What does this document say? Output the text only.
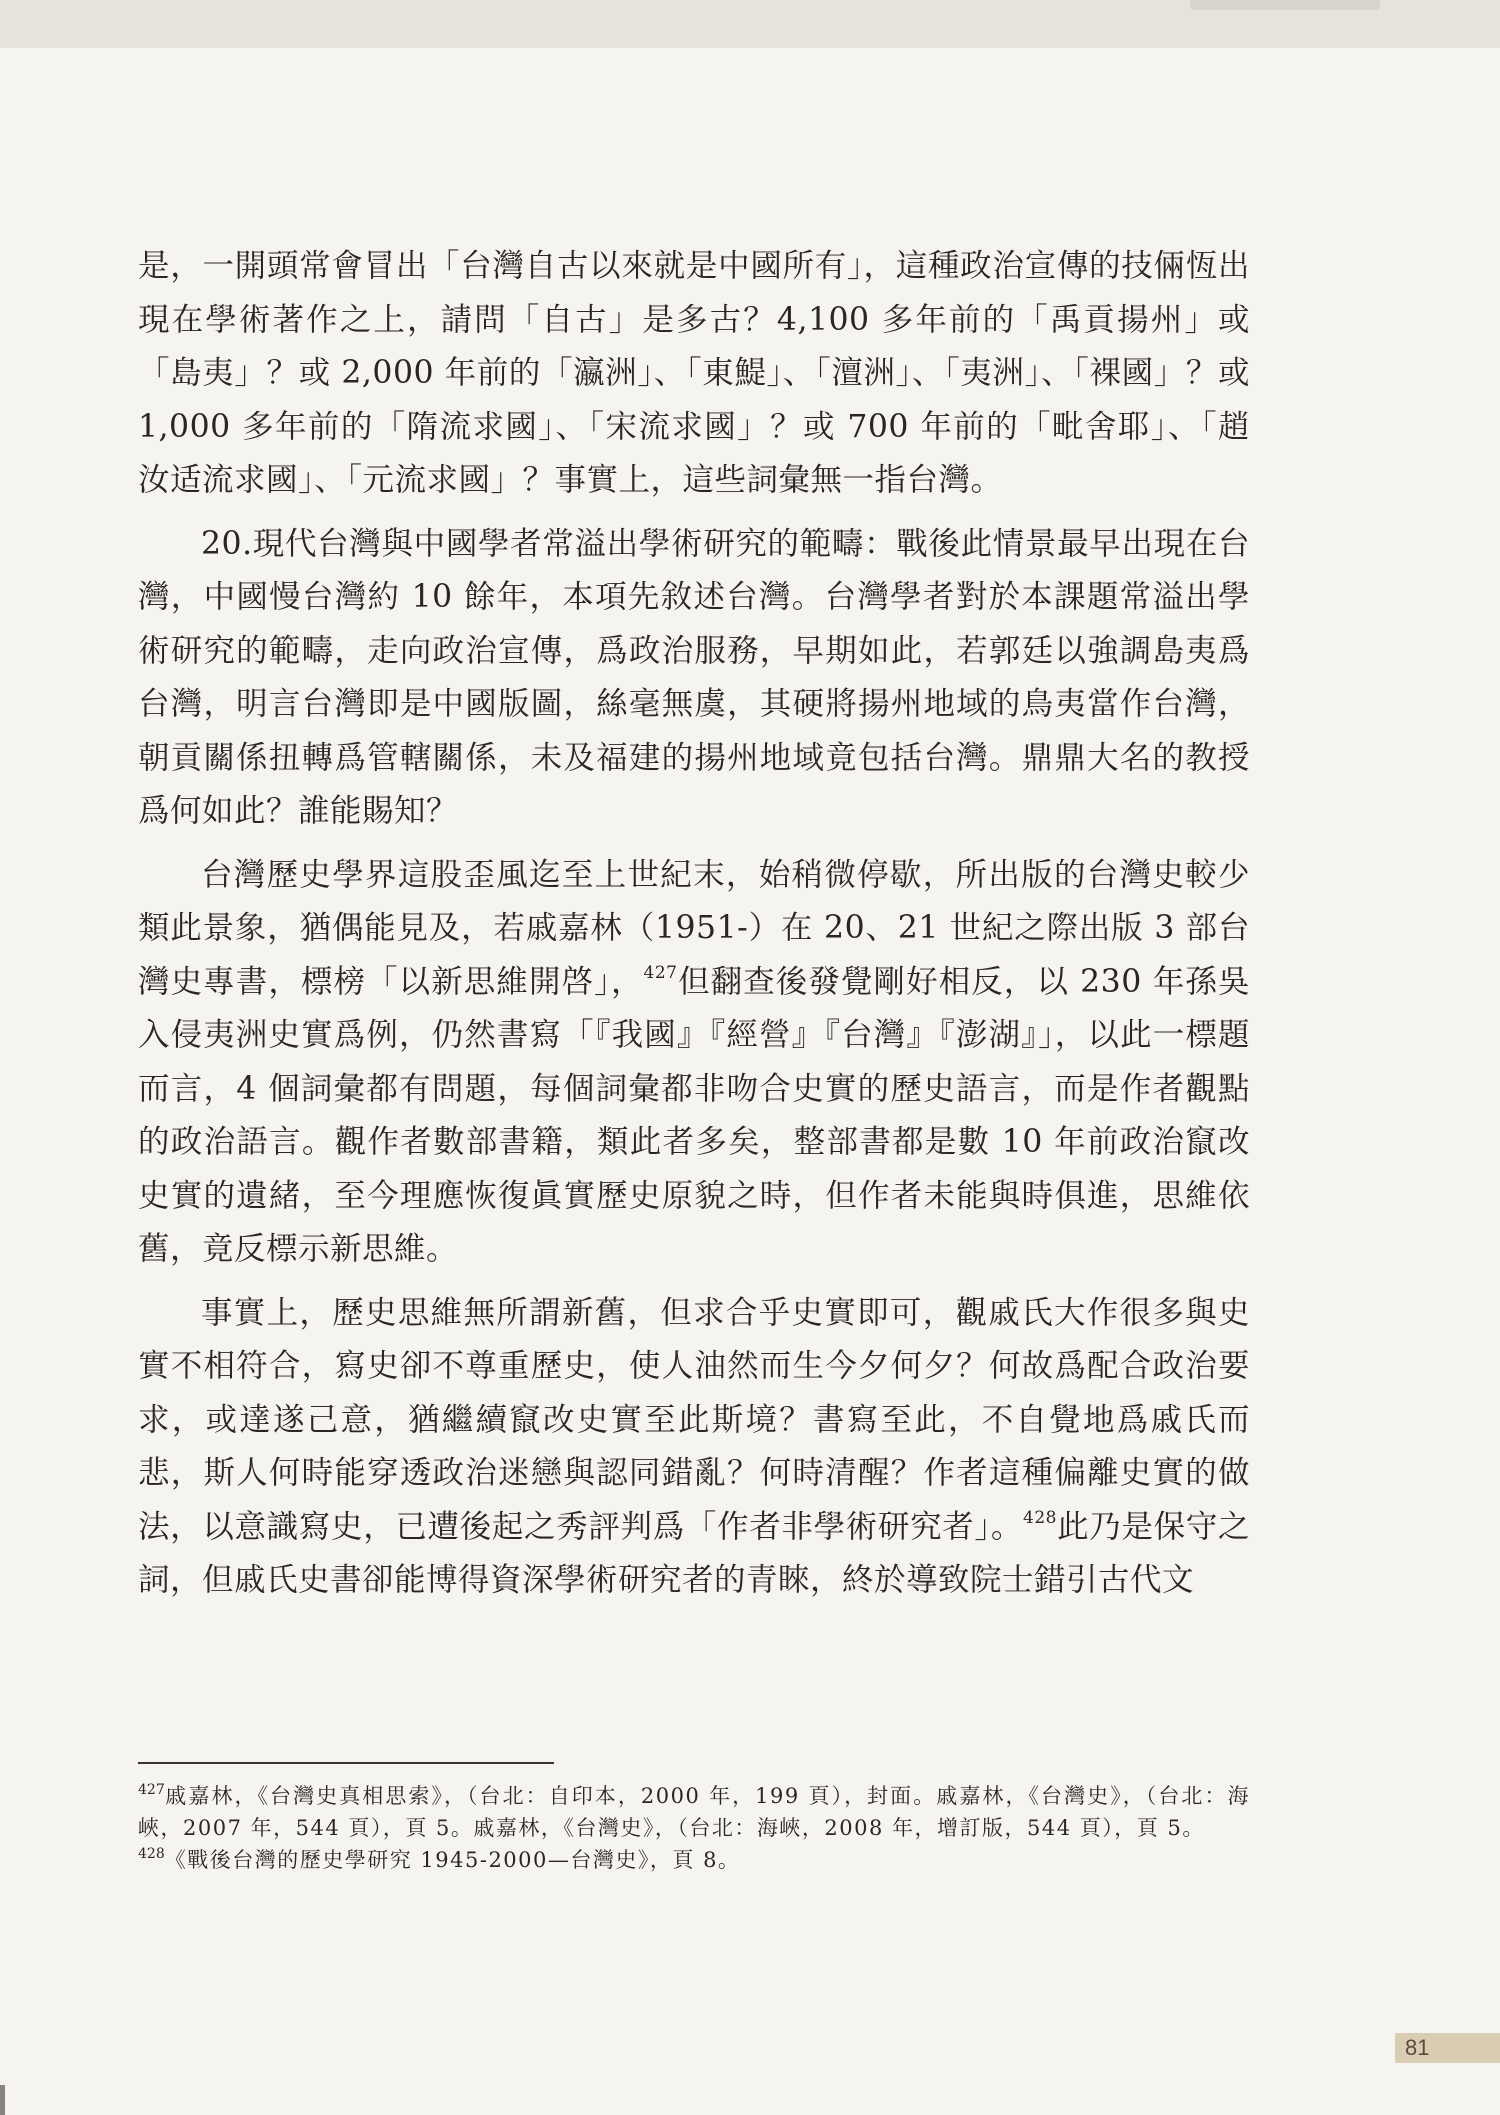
是，一開頭常會冒出「台灣自古以來就是中國所有」，這種政治宣傳的技倆恆出現在學術著作之上，請問「自古」是多古？4,100 多年前的「禹貢揚州」或「島夷」？或 2,000 年前的「瀛洲」、「東鯷」、「澶洲」、「夷洲」、「裸國」？或 1,000 多年前的「隋流求國」、「宋流求國」？或 700 年前的「毗舍耶」、「趙汝适流求國」、「元流求國」？事實上，這些詞彙無一指台灣。

20.現代台灣與中國學者常溢出學術研究的範疇：戰後此情景最早出現在台灣，中國慢台灣約 10 餘年，本項先敘述台灣。台灣學者對於本課題常溢出學術研究的範疇，走向政治宣傳，爲政治服務，早期如此，若郭廷以強調島夷爲台灣，明言台灣即是中國版圖，絲毫無虞，其硬將揚州地域的鳥夷當作台灣，朝貢關係扭轉爲管轄關係，未及福建的揚州地域竟包括台灣。鼎鼎大名的教授爲何如此？誰能賜知？

台灣歷史學界這股歪風迄至上世紀末，始稍微停歇，所出版的台灣史較少類此景象，猶偶能見及，若戚嘉林（1951-）在 20、21 世紀之際出版 3 部台灣史專書，標榜「以新思維開啓」，$^{427}$但翻查後發覺剛好相反，以 230 年孫吳入侵夷洲史實爲例，仍然書寫「『我國』『經營』『台灣』『澎湖』」，以此一標題而言，4 個詞彙都有問題，每個詞彙都非吻合史實的歷史語言，而是作者觀點的政治語言。觀作者數部書籍，類此者多矣，整部書都是數 10 年前政治竄改史實的遺緒，至今理應恢復眞實歷史原貌之時，但作者未能與時俱進，思維依舊，竟反標示新思維。

事實上，歷史思維無所謂新舊，但求合乎史實即可，觀戚氏大作很多與史實不相符合，寫史卻不尊重歷史，使人油然而生今夕何夕？何故爲配合政治要求，或達遂己意，猶繼續竄改史實至此斯境？書寫至此，不自覺地爲戚氏而悲，斯人何時能穿透政治迷戀與認同錯亂？何時清醒？作者這種偏離史實的做法，以意識寫史，已遭後起之秀評判爲「作者非學術研究者」。$^{428}$此乃是保守之詞，但戚氏史書卻能博得資深學術研究者的青睞，終於導致院士錯引古代文

$^{427}$戚嘉林，《台灣史真相思索》，（台北：自印本，2000 年，199 頁），封面。戚嘉林，《台灣史》，（台北：海峽，2007 年，544 頁），頁 5。戚嘉林，《台灣史》，（台北：海峽，2008 年，增訂版，544 頁），頁 5。

$^{428}$《戰後台灣的歷史學研究 1945-2000—台灣史》，頁 8。

81
